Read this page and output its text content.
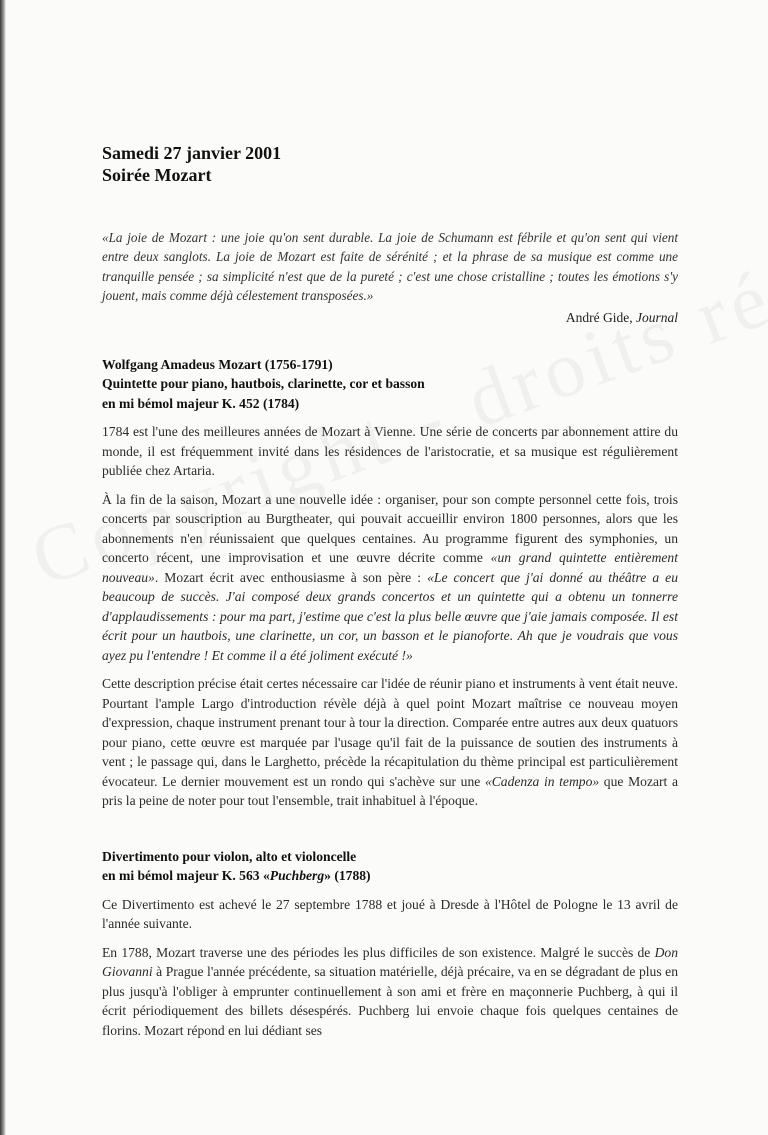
Samedi 27 janvier 2001
Soirée Mozart
«La joie de Mozart : une joie qu'on sent durable. La joie de Schumann est fébrile et qu'on sent qui vient entre deux sanglots. La joie de Mozart est faite de sérénité ; et la phrase de sa musique est comme une tranquille pensée ; sa simplicité n'est que de la pureté ; c'est une chose cristalline ; toutes les émotions s'y jouent, mais comme déjà célestement transposées.»
André Gide, Journal
Wolfgang Amadeus Mozart (1756-1791)
Quintette pour piano, hautbois, clarinette, cor et basson
en mi bémol majeur K. 452 (1784)

1784 est l'une des meilleures années de Mozart à Vienne. Une série de concerts par abonnement attire du monde, il est fréquemment invité dans les résidences de l'aristocratie, et sa musique est régulièrement publiée chez Artaria.

À la fin de la saison, Mozart a une nouvelle idée : organiser, pour son compte personnel cette fois, trois concerts par souscription au Burgtheater, qui pouvait accueillir environ 1800 personnes, alors que les abonnements n'en réunissaient que quelques centaines. Au programme figurent des symphonies, un concerto récent, une improvisation et une œuvre décrite comme «un grand quintette entièrement nouveau». Mozart écrit avec enthousiasme à son père : «Le concert que j'ai donné au théâtre a eu beaucoup de succès. J'ai composé deux grands concertos et un quintette qui a obtenu un tonnerre d'applaudissements : pour ma part, j'estime que c'est la plus belle œuvre que j'aie jamais composée. Il est écrit pour un hautbois, une clarinette, un cor, un basson et le pianoforte. Ah que je voudrais que vous ayez pu l'entendre ! Et comme il a été joliment exécuté !»

Cette description précise était certes nécessaire car l'idée de réunir piano et instruments à vent était neuve. Pourtant l'ample Largo d'introduction révèle déjà à quel point Mozart maîtrise ce nouveau moyen d'expression, chaque instrument prenant tour à tour la direction. Comparée entre autres aux deux quatuors pour piano, cette œuvre est marquée par l'usage qu'il fait de la puissance de soutien des instruments à vent ; le passage qui, dans le Larghetto, précède la récapitulation du thème principal est particulièrement évocateur. Le dernier mouvement est un rondo qui s'achève sur une «Cadenza in tempo» que Mozart a pris la peine de noter pour tout l'ensemble, trait inhabituel à l'époque.

Divertimento pour violon, alto et violoncelle
en mi bémol majeur K. 563 «Puchberg» (1788)

Ce Divertimento est achevé le 27 septembre 1788 et joué à Dresde à l'Hôtel de Pologne le 13 avril de l'année suivante.

En 1788, Mozart traverse une des périodes les plus difficiles de son existence. Malgré le succès de Don Giovanni à Prague l'année précédente, sa situation matérielle, déjà précaire, va en se dégradant de plus en plus jusqu'à l'obliger à emprunter continuellement à son ami et frère en maçonnerie Puchberg, à qui il écrit périodiquement des billets désespérés. Puchberg lui envoie chaque fois quelques centaines de florins. Mozart répond en lui dédiant ses
